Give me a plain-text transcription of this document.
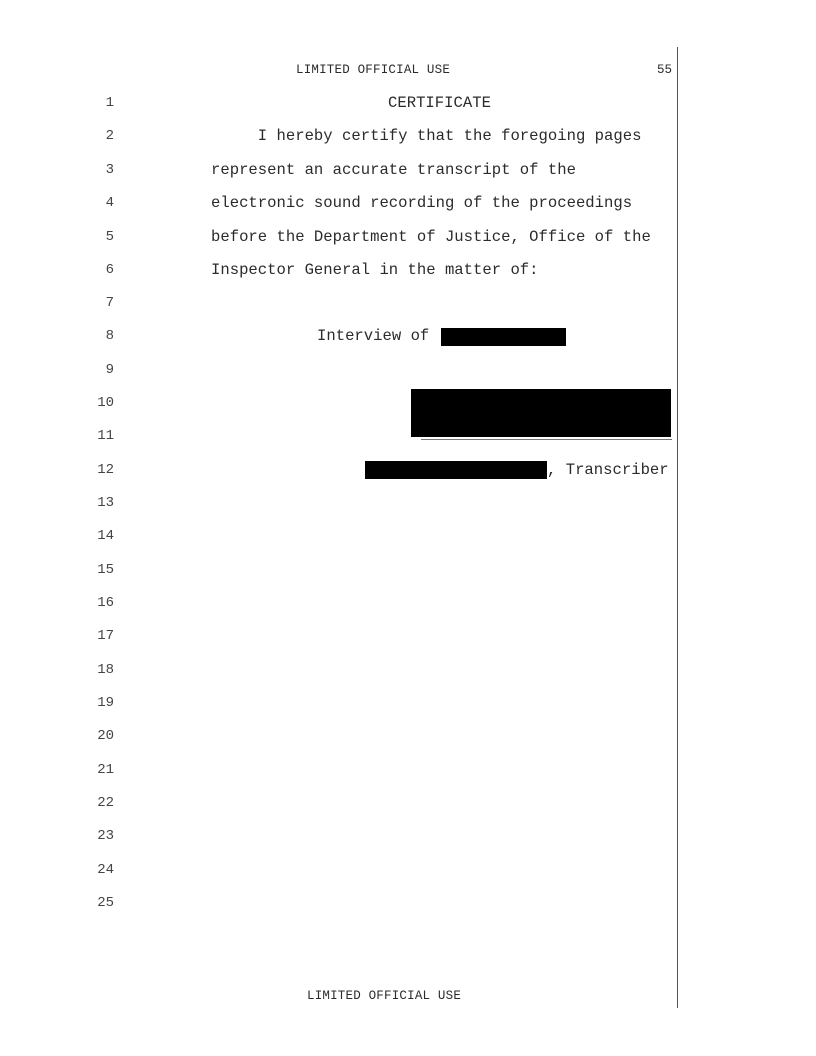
LIMITED OFFICIAL USE	55
1
2
3
4
5
6
7
8
9
10
11
12
13
14
15
16
17
18
19
20
21
22
23
24
25
CERTIFICATE
I hereby certify that the foregoing pages
represent an accurate transcript of the
electronic sound recording of the proceedings
before the Department of Justice, Office of the
Inspector General in the matter of:
Interview of
, Transcriber
LIMITED OFFICIAL USE
